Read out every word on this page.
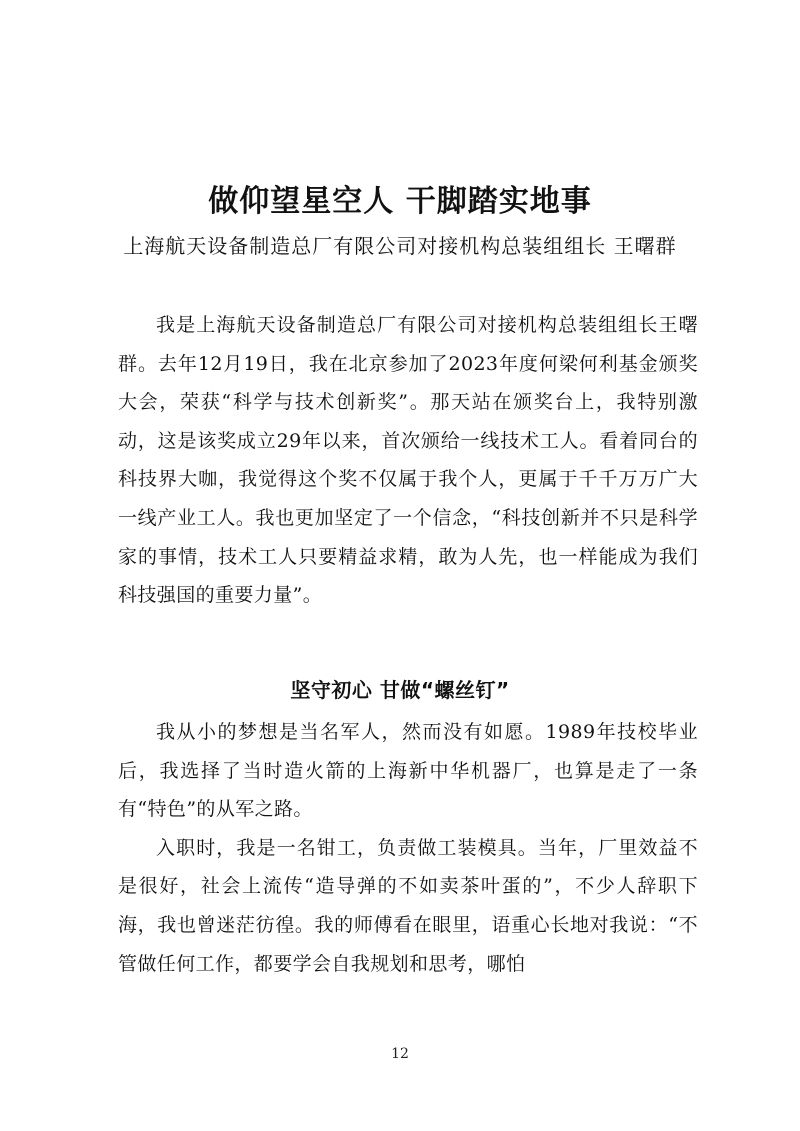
做仰望星空人 干脚踏实地事
上海航天设备制造总厂有限公司对接机构总装组组长 王曙群

我是上海航天设备制造总厂有限公司对接机构总装组组长王曙群。去年12月19日，我在北京参加了2023年度何梁何利基金颁奖大会，荣获“科学与技术创新奖”。那天站在颁奖台上，我特别激动，这是该奖成立29年以来，首次颁给一线技术工人。看着同台的科技界大咖，我觉得这个奖不仅属于我个人，更属于千千万万广大一线产业工人。我也更加坚定了一个信念，“科技创新并不只是科学家的事情，技术工人只要精益求精，敢为人先，也一样能成为我们科技强国的重要力量”。

坚守初心 甘做“螺丝钉”

我从小的梦想是当名军人，然而没有如愿。1989年技校毕业后，我选择了当时造火箭的上海新中华机器厂，也算是走了一条有“特色”的从军之路。

入职时，我是一名钳工，负责做工装模具。当年，厂里效益不是很好，社会上流传“造导弹的不如卖茶叶蛋的”，不少人辞职下海，我也曾迷茫彷徨。我的师傅看在眼里，语重心长地对我说：“不管做任何工作，都要学会自我规划和思考，哪怕

12
